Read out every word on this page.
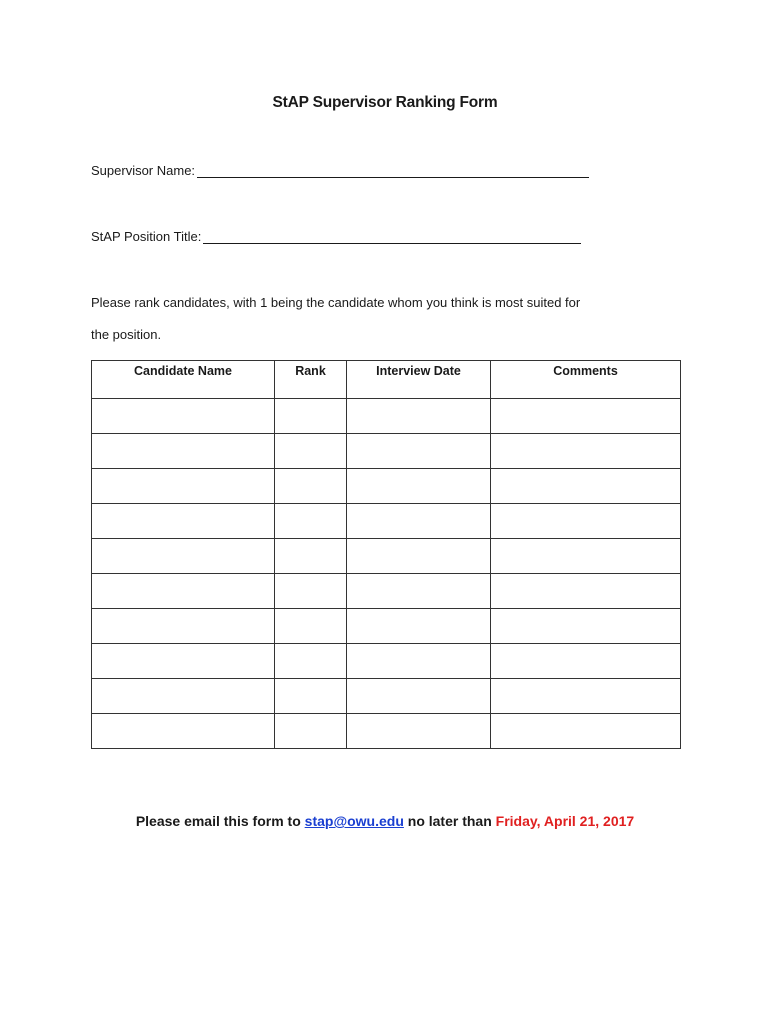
StAP Supervisor Ranking Form
Supervisor Name:
StAP Position Title:
Please rank candidates, with 1 being the candidate whom you think is most suited for
the position.
Candidate Name	Rank	Interview Date	Comments

Please email this form to stap@owu.edu no later than Friday, April 21, 2017
